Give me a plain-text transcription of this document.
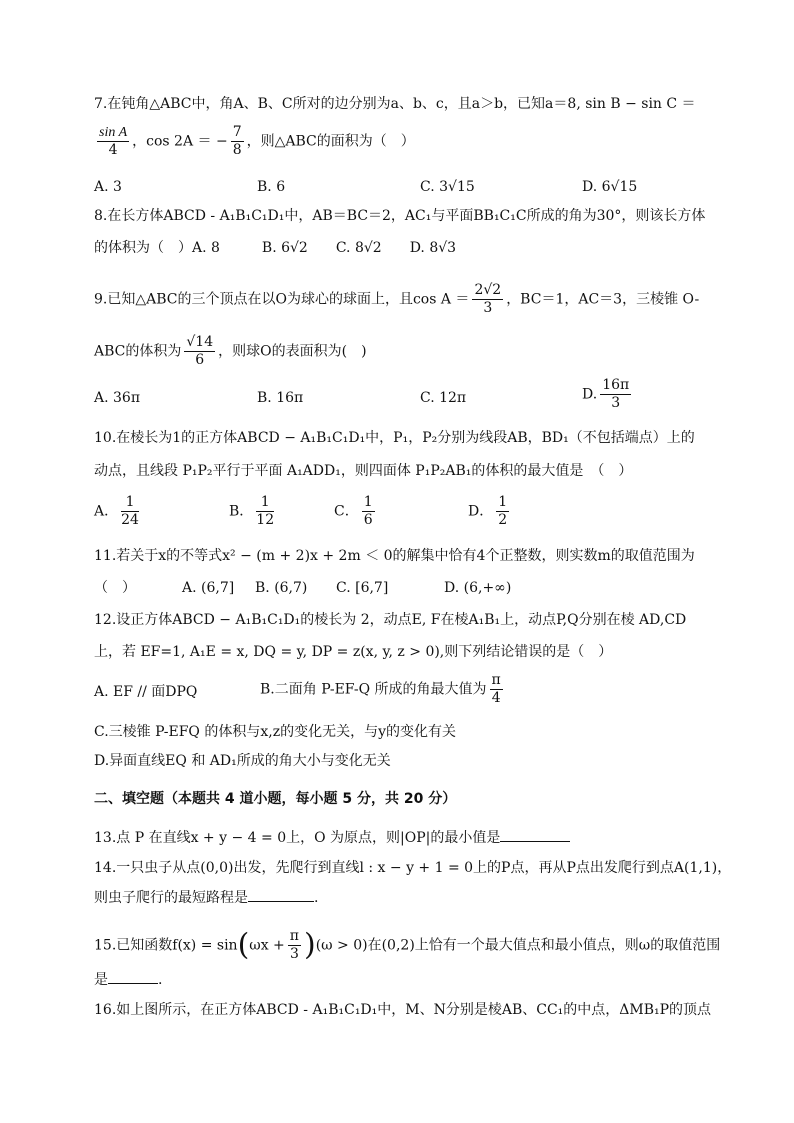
7.在钝角△ABC中，角A、B、C所对的边分别为a、b、c，且a＞b，已知a＝8, sin B − sin C ＝
$\frac{\text{sin A}}{4}$ ，cos 2A ＝ − $\frac{7}{8}$ ，则△ABC的面积为（　）
A. 3	B. 6	C. 3√15	D. 6√15
8.在长方体ABCD - A₁B₁C₁D₁中，AB＝BC＝2，AC₁与平面BB₁C₁C所成的角为30°，则该长方体
的体积为（　）A. 8　　　B. 6√2　　C. 8√2　　D. 8√3
9.已知△ABC的三个顶点在以O为球心的球面上，且$\cos A = \frac{2√2}{3}$ ，BC＝1，AC＝3，三棱锥 O-
ABC的体积为 $\frac{√14}{6}$ ，则球O的表面积为(　)
A. 36π	B. 16π	C. 12π	D. $\frac{16\pi}{3}$
10.在棱长为1的正方体ABCD − A₁B₁C₁D₁中，P₁，P₂分别为线段AB，BD₁（不包括端点）上的
动点，且线段 P₁P₂平行于平面 A₁ADD₁，则四面体 P₁P₂AB₁的体积的最大值是　（　）
A． $\frac{1}{24}$	B． $\frac{1}{12}$	C． $\frac{1}{6}$	D． $\frac{1}{2}$
11.若关于x的不等式x² − (m + 2)x + 2m ＜ 0的解集中恰有4个正整数，则实数m的取值范围为
（　）	A. (6,7] B. (6,7) C. [6,7]	D. (6,+∞)
12.设正方体ABCD − A₁B₁C₁D₁的棱长为 2，动点E, F在棱A₁B₁上，动点P,Q分别在棱 AD,CD
上，若 EF=1, A₁E = x, DQ = y, DP = z(x, y, z > 0),则下列结论错误的是（　）
A. EF // 面DPQ	B.二面角 P-EF-Q 所成的角最大值为 $\frac{\pi}{4}$
C.三棱锥 P-EFQ 的体积与x,z的变化无关，与y的变化有关
D.异面直线EQ 和 AD₁所成的角大小与变化无关
二、填空题（本题共 4 道小题，每小题 5 分，共 20 分）
13.点 P 在直线x + y − 4 = 0上，O 为原点，则|OP|的最小值是
14.一只虫子从点(0,0)出发，先爬行到直线l : x − y + 1 = 0上的P点，再从P点出发爬行到点A(1,1)，
则虫子爬行的最短路程是	.
15.已知函数$f(x) = \sin(\omega x + \frac{\pi}{3} )(\omega > 0)$在(0,2)上恰有一个最大值点和最小值点，则ω的取值范围
是	.
16.如上图所示，在正方体ABCD - A₁B₁C₁D₁中，M、N分别是棱AB、CC₁的中点，ΔMB₁P的顶点
